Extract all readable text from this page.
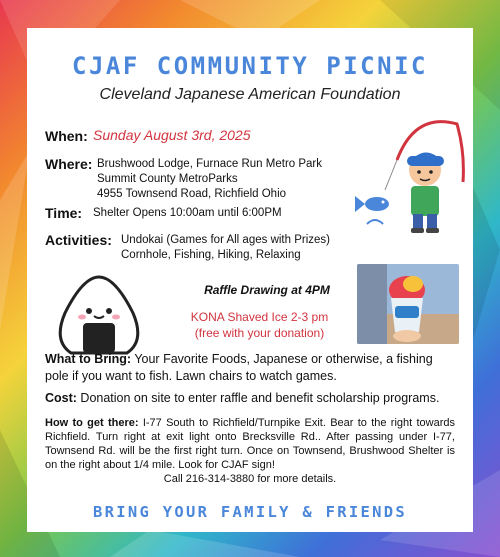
CJAF COMMUNITY PICNIC
Cleveland Japanese American Foundation
When: Sunday August 3rd, 2025
Where: Brushwood Lodge, Furnace Run Metro Park
Summit County MetroParks
4955 Townsend Road, Richfield Ohio
Time: Shelter Opens 10:00am until 6:00PM
Activities: Undokai (Games for All ages with Prizes)
Cornhole, Fishing, Hiking, Relaxing
Raffle Drawing at 4PM
KONA Shaved Ice 2-3 pm
(free with your donation)
What to Bring: Your Favorite Foods, Japanese or otherwise, a fishing pole if you want to fish. Lawn chairs to watch games.
Cost: Donation on site to enter raffle and benefit scholarship programs.
How to get there: I-77 South to Richfield/Turnpike Exit. Bear to the right towards Richfield. Turn right at exit light onto Brecksville Rd.. After passing under I-77, Townsend Rd. will be the first right turn. Once on Townsend, Brushwood Shelter is on the right about 1/4 mile. Look for CJAF sign!
Call 216-314-3880 for more details.
BRING YOUR FAMILY & FRIENDS
